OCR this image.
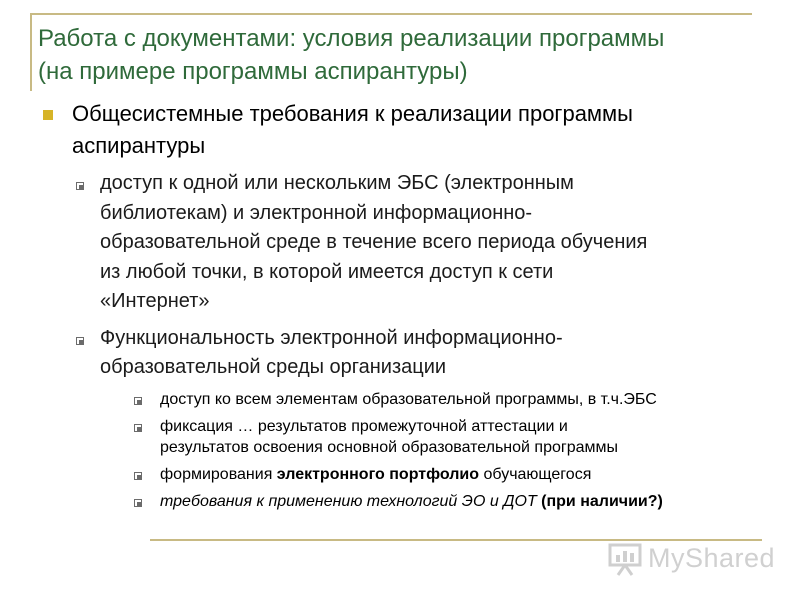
Работа с документами: условия реализации программы
(на примере программы аспирантуры)
Общесистемные требования к реализации программы
аспирантуры
доступ к одной или нескольким ЭБС (электронным
библиотекам) и электронной информационно-
образовательной среде в течение всего периода обучения
из любой точки, в которой имеется доступ к сети
«Интернет»
Функциональность электронной информационно-
образовательной среды организации
доступ ко всем элементам образовательной программы, в т.ч.ЭБС
фиксация … результатов промежуточной аттестации и
результатов освоения основной образовательной программы
формирования электронного портфолио обучающегося
требования к применению технологий ЭО и ДОТ (при наличии?)
MyShared
